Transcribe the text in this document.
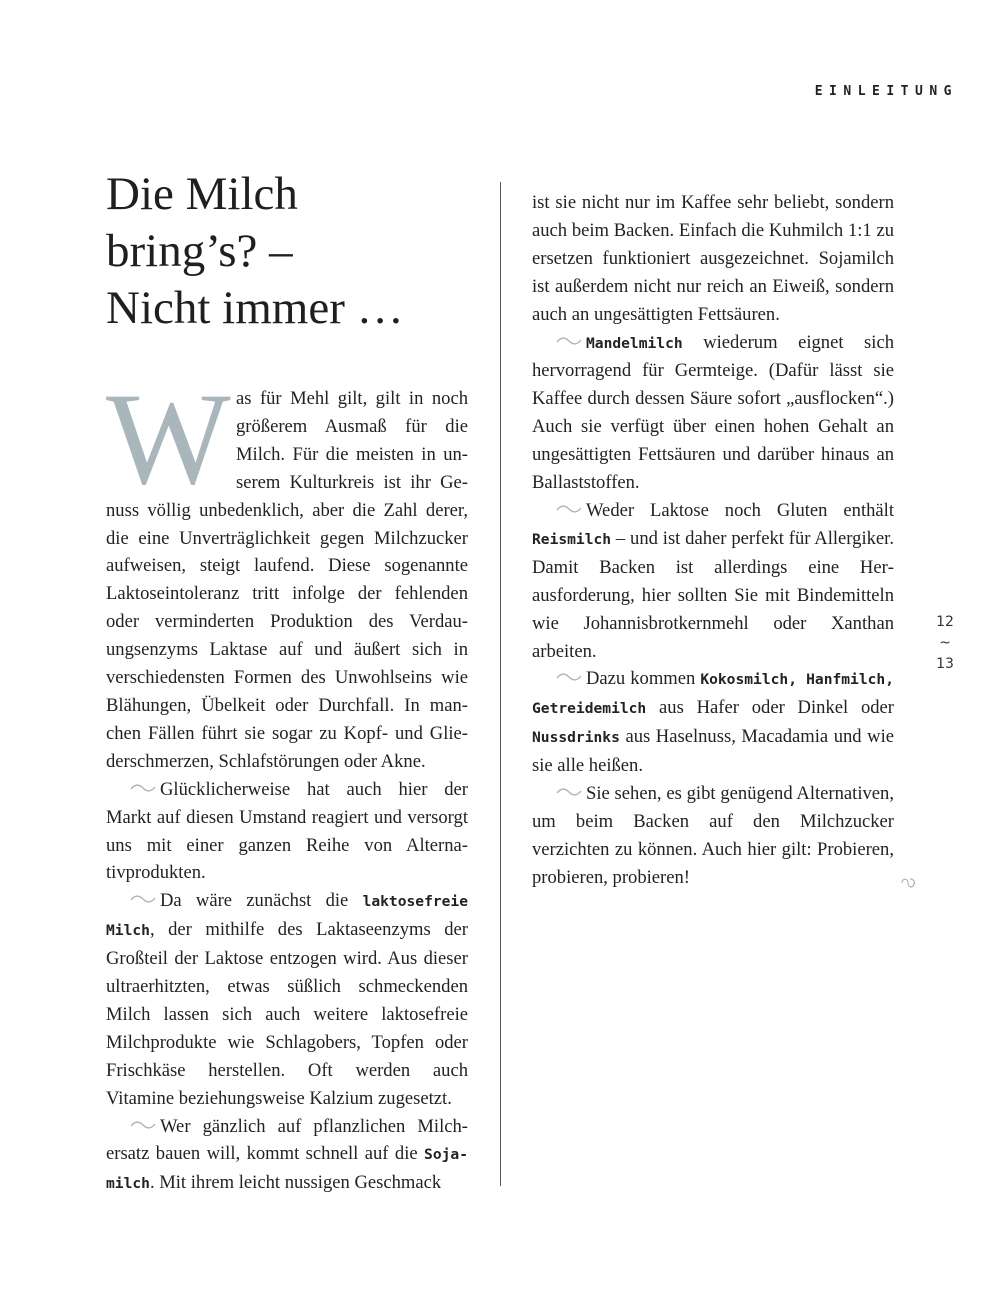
EINLEITUNG
Die Milch
bring’s? –
Nicht immer …

Was für Mehl gilt, gilt in noch größerem Ausmaß für die Milch. Für die meisten in unserem Kulturkreis ist ihr Genuss völlig unbedenklich, aber die Zahl derer, die eine Unverträglichkeit gegen Milchzucker aufweisen, steigt laufend. Diese sogenannte Laktoseintoleranz tritt infolge der fehlenden oder verminderten Produktion des Verdauungsenzyms Laktase auf und äußert sich in verschiedensten Formen des Unwohlseins wie Blähungen, Übelkeit oder Durchfall. In manchen Fällen führt sie sogar zu Kopf- und Gliederschmerzen, Schlafstörungen oder Akne.

Glücklicherweise hat auch hier der Markt auf diesen Umstand reagiert und versorgt uns mit einer ganzen Reihe von Alternativprodukten.

Da wäre zunächst die laktosefreie Milch, der mithilfe des Laktaseenzyms der Großteil der Laktose entzogen wird. Aus dieser ultraerhitzten, etwas süßlich schmeckenden Milch lassen sich auch weitere laktosefreie Milchprodukte wie Schlagobers, Topfen oder Frischkäse herstellen. Oft werden auch Vitamine beziehungsweise Kalzium zugesetzt.

Wer gänzlich auf pflanzlichen Milchersatz bauen will, kommt schnell auf die Sojamilch. Mit ihrem leicht nussigen Geschmack

ist sie nicht nur im Kaffee sehr beliebt, sondern auch beim Backen. Einfach die Kuhmilch 1:1 zu ersetzen funktioniert ausgezeichnet. Sojamilch ist außerdem nicht nur reich an Eiweiß, sondern auch an ungesättigten Fettsäuren.

Mandelmilch wiederum eignet sich hervorragend für Germteige. (Dafür lässt sie Kaffee durch dessen Säure sofort „ausflocken“.) Auch sie verfügt über einen hohen Gehalt an ungesättigten Fettsäuren und darüber hinaus an Ballaststoffen.

Weder Laktose noch Gluten enthält Reismilch – und ist daher perfekt für Allergiker. Damit Backen ist allerdings eine Herausforderung, hier sollten Sie mit Bindemitteln wie Johannisbrotkernmehl oder Xanthan arbeiten.

Dazu kommen Kokosmilch, Hanfmilch, Getreidemilch aus Hafer oder Dinkel oder Nussdrinks aus Haselnuss, Macadamia und wie sie alle heißen.

Sie sehen, es gibt genügend Alternativen, um beim Backen auf den Milchzucker verzichten zu können. Auch hier gilt: Probieren, probieren, probieren!

12
~
13
